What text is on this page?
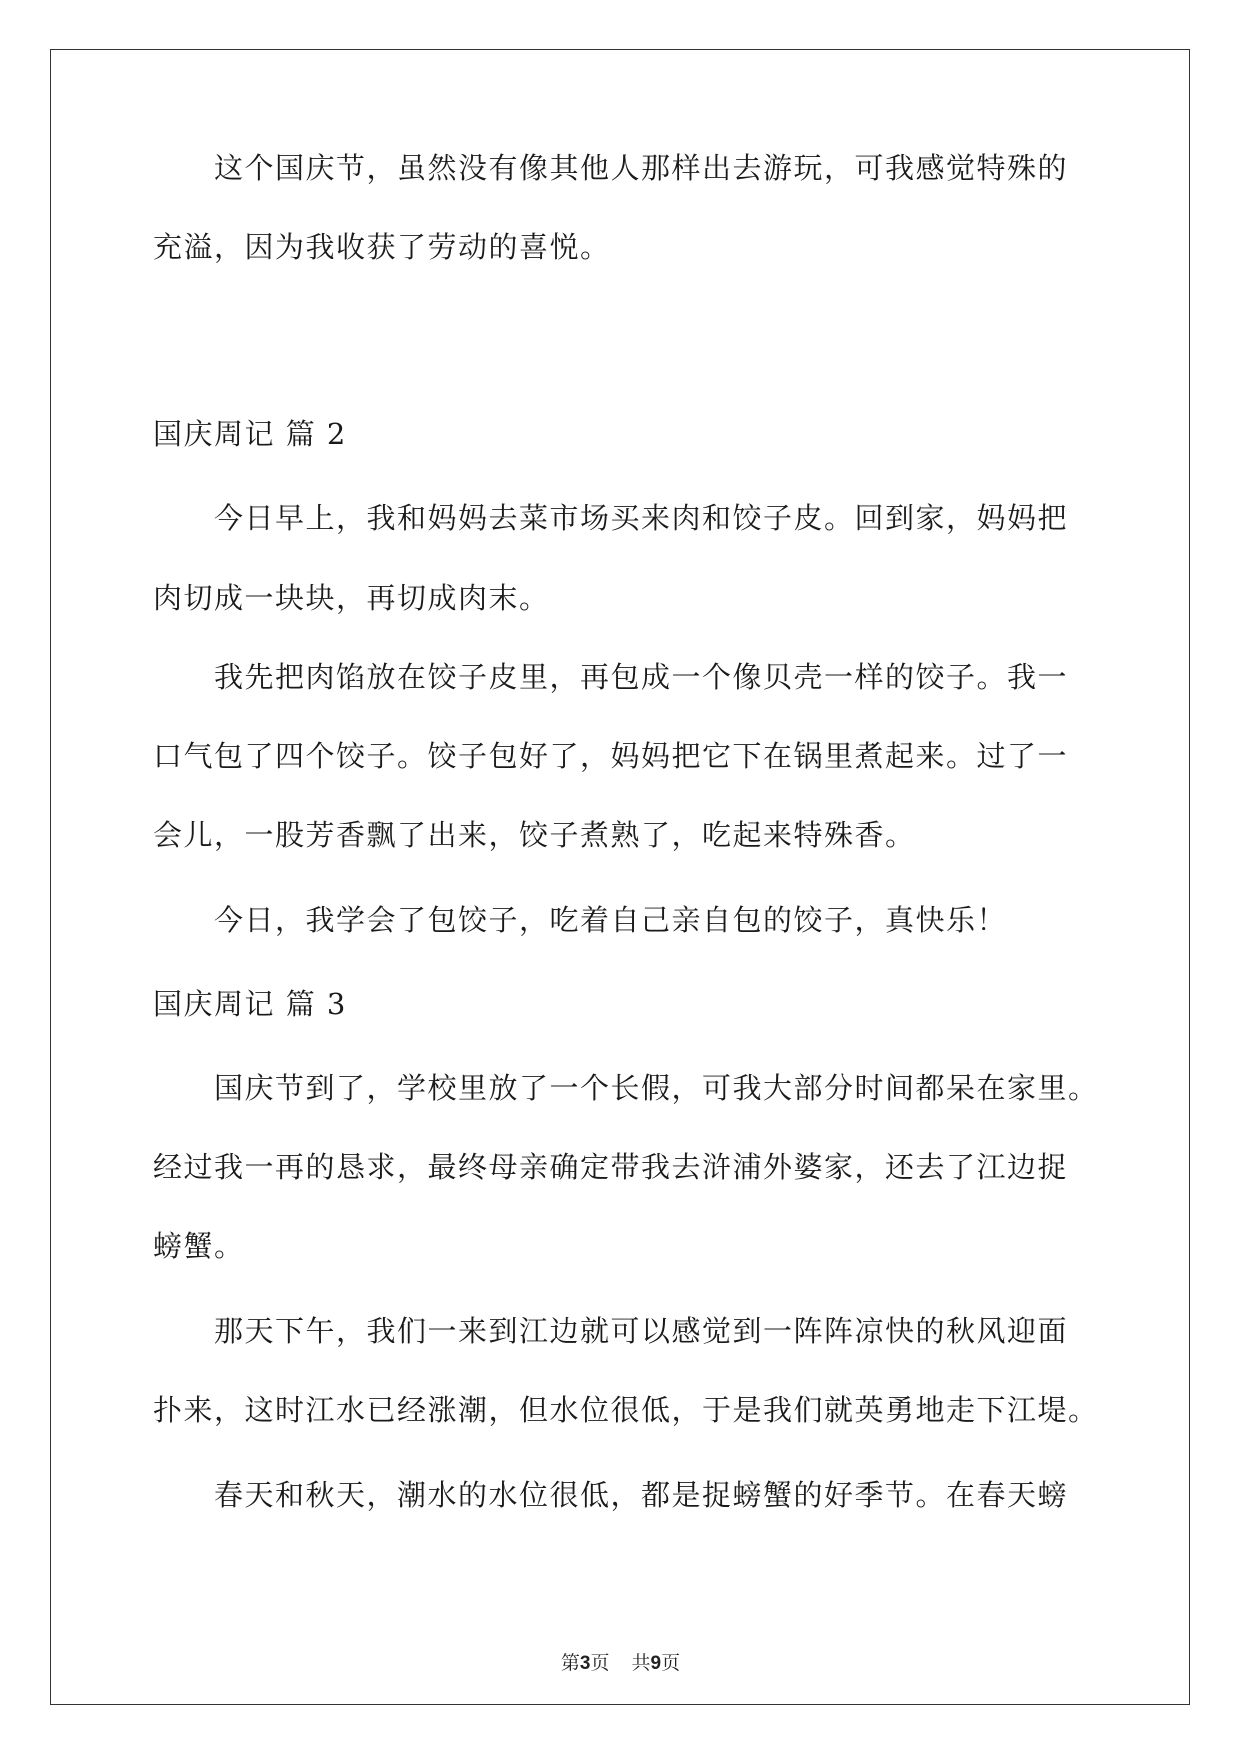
这个国庆节，虽然没有像其他人那样出去游玩，可我感觉特殊的
充溢，因为我收获了劳动的喜悦。
国庆周记 篇 2
今日早上，我和妈妈去菜市场买来肉和饺子皮。回到家，妈妈把
肉切成一块块，再切成肉末。
我先把肉馅放在饺子皮里，再包成一个像贝壳一样的饺子。我一
口气包了四个饺子。饺子包好了，妈妈把它下在锅里煮起来。过了一
会儿，一股芳香飘了出来，饺子煮熟了，吃起来特殊香。
今日，我学会了包饺子，吃着自己亲自包的饺子，真快乐！
国庆周记 篇 3
国庆节到了，学校里放了一个长假，可我大部分时间都呆在家里。
经过我一再的恳求，最终母亲确定带我去浒浦外婆家，还去了江边捉
螃蟹。
那天下午，我们一来到江边就可以感觉到一阵阵凉快的秋风迎面
扑来，这时江水已经涨潮，但水位很低，于是我们就英勇地走下江堤。
春天和秋天，潮水的水位很低，都是捉螃蟹的好季节。在春天螃
第3页 共9页
